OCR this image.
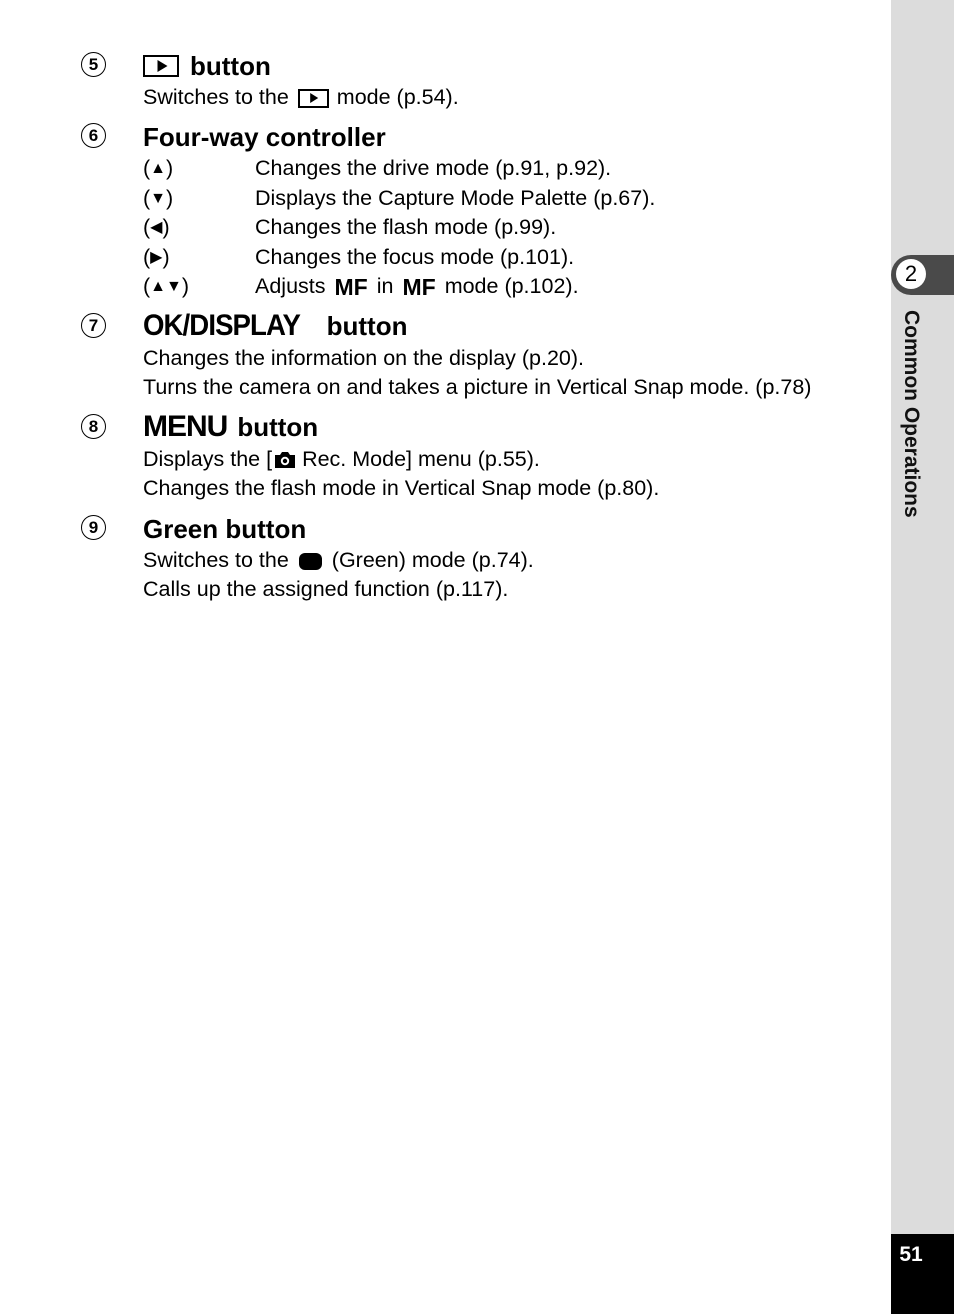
5	button
Switches to the mode (p.54).
6 Four-way controller
( ▲ )	Changes the drive mode (p.91, p.92).
( ▼ )	Displays the Capture Mode Palette (p.67).
( ◀ )	Changes the flash mode (p.99).
( ▶ )	Changes the focus mode (p.101).
( ▲▼ )	Adjusts MF in MF mode (p.102).
7 OK/DISPLAY button
Changes the information on the display (p.20).
Turns the camera on and takes a picture in Vertical Snap mode. (p.78)
8 MENU button
Displays the [ Rec. Mode] menu (p.55).
Changes the flash mode in Vertical Snap mode (p.80).
9 Green button
Switches to the (Green) mode (p.74).
Calls up the assigned function (p.117).
2
Common Operations
51
